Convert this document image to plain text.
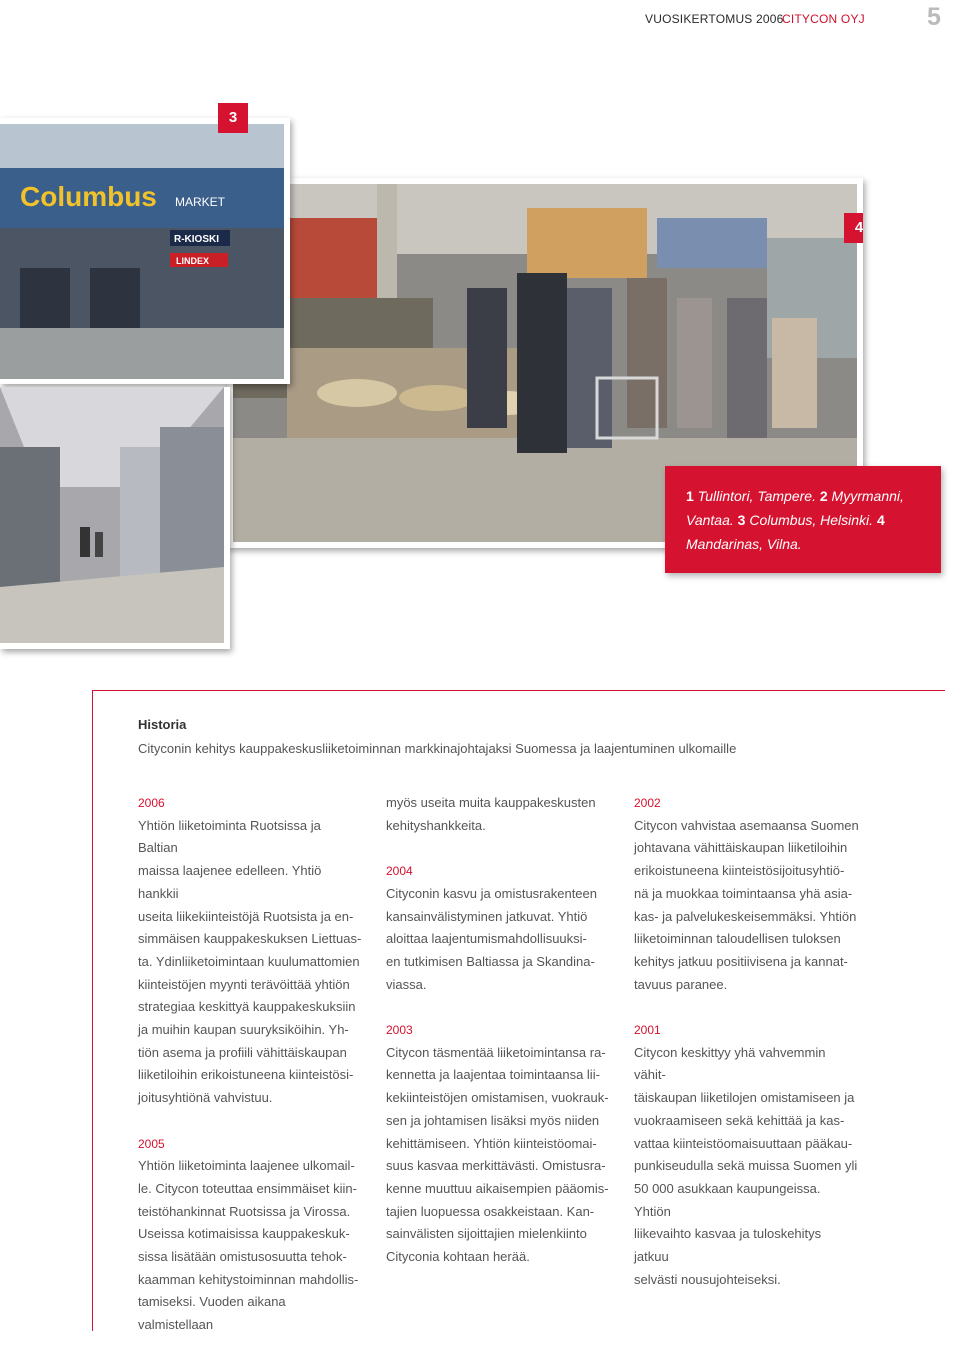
VUOSIKERTOMUS 2006
CITYCON OYJ 5
4
Columbus MARKET
R-KIOSKI
LINDEX
3
1 Tullintori, Tampere. 2 Myyrmanni, Vantaa. 3 Columbus, Helsinki. 4 Mandarinas, Vilna.
Historia
Cityconin kehitys kauppakeskusliiketoiminnan markkinajohtajaksi Suomessa ja laajentuminen ulkomaille

2006

Yhtiön liiketoiminta Ruotsissa ja Baltian

maissa laajenee edelleen. Yhtiö hankkii

useita liikekiinteistöjä Ruotsista ja en-

simmäisen kauppakeskuksen Liettuas-

ta. Ydinliiketoimintaan kuulumattomien

kiinteistöjen myynti terävöittää yhtiön

strategiaa keskittyä kauppakeskuksiin

ja muihin kaupan suuryksiköihin. Yh-

tiön asema ja profiili vähittäiskaupan

liiketiloihin erikoistuneena kiinteistösi-

joitusyhtiönä vahvistuu.

2005

Yhtiön liiketoiminta laajenee ulkomail-

le. Citycon toteuttaa ensimmäiset kiin-

teistöhankinnat Ruotsissa ja Virossa.

Useissa kotimaisissa kauppakeskuk-

sissa lisätään omistusosuutta tehok-

kaamman kehitystoiminnan mahdollis-

tamiseksi. Vuoden aikana valmistellaan

myös useita muita kauppakeskusten

kehityshankkeita.

2004

Cityconin kasvu ja omistusrakenteen

kansainvälistyminen jatkuvat. Yhtiö

aloittaa laajentumismahdollisuuksi-

en tutkimisen Baltiassa ja Skandina-

viassa.

2003

Citycon täsmentää liiketoimintansa ra-

kennetta ja laajentaa toimintaansa lii-

kekiinteistöjen omistamisen, vuokrauk-

sen ja johtamisen lisäksi myös niiden

kehittämiseen. Yhtiön kiinteistöomai-

suus kasvaa merkittävästi. Omistusra-

kenne muuttuu aikaisempien pääomis-

tajien luopuessa osakkeistaan. Kan-

sainvälisten sijoittajien mielenkiinto

Cityconia kohtaan herää.

2002

Citycon vahvistaa asemaansa Suomen

johtavana vähittäiskaupan liiketiloihin

erikoistuneena kiinteistösijoitusyhtiö-

nä ja muokkaa toimintaansa yhä asia-

kas- ja palvelukeskeisemmäksi. Yhtiön

liiketoiminnan taloudellisen tuloksen

kehitys jatkuu positiivisena ja kannat-

tavuus paranee.

2001

Citycon keskittyy yhä vahvemmin vähit-

täiskaupan liiketilojen omistamiseen ja

vuokraamiseen sekä kehittää ja kas-

vattaa kiinteistöomaisuuttaan pääkau-

punkiseudulla sekä muissa Suomen yli

50 000 asukkaan kaupungeissa. Yhtiön

liikevaihto kasvaa ja tuloskehitys jatkuu

selvästi nousujohteiseksi.
